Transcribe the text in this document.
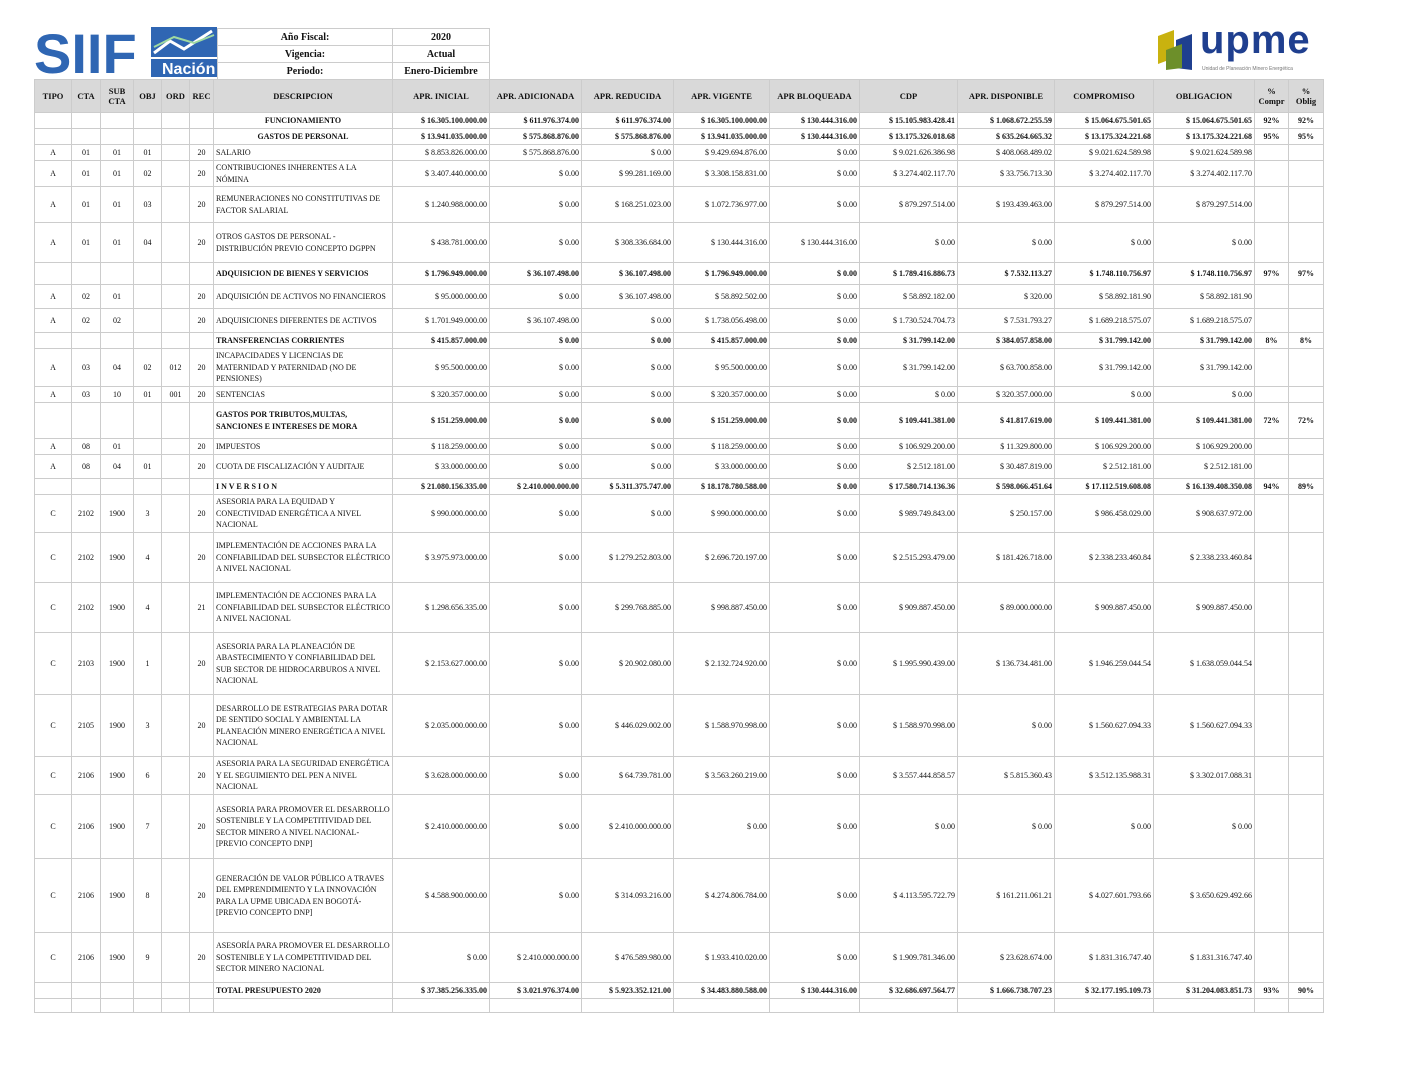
SIIF Nación
Año Fiscal:	2020
Vigencia:	Actual
Periodo:	Enero-Diciembre
upme
Unidad de Planeación Minero Energética
TIPO	CTA	SUB CTA	OBJ	ORD	REC	DESCRIPCION	APR. INICIAL	APR. ADICIONADA	APR. REDUCIDA	APR. VIGENTE	APR BLOQUEADA	CDP	APR. DISPONIBLE	COMPROMISO	OBLIGACION	% Compr	% Oblig
						FUNCIONAMIENTO	$ 16.305.100.000.00	$ 611.976.374.00	$ 611.976.374.00	$ 16.305.100.000.00	$ 130.444.316.00	$ 15.105.983.428.41	$ 1.068.672.255.59	$ 15.064.675.501.65	$ 15.064.675.501.65	92%	92%
						GASTOS DE PERSONAL	$ 13.941.035.000.00	$ 575.868.876.00	$ 575.868.876.00	$ 13.941.035.000.00	$ 130.444.316.00	$ 13.175.326.018.68	$ 635.264.665.32	$ 13.175.324.221.68	$ 13.175.324.221.68	95%	95%
A	01	01	01		20	SALARIO	$ 8.853.826.000.00	$ 575.868.876.00	$ 0.00	$ 9.429.694.876.00	$ 0.00	$ 9.021.626.386.98	$ 408.068.489.02	$ 9.021.624.589.98	$ 9.021.624.589.98		
A	01	01	02		20	CONTRIBUCIONES INHERENTES A LA NÓMINA	$ 3.407.440.000.00	$ 0.00	$ 99.281.169.00	$ 3.308.158.831.00	$ 0.00	$ 3.274.402.117.70	$ 33.756.713.30	$ 3.274.402.117.70	$ 3.274.402.117.70		
A	01	01	03		20	REMUNERACIONES NO CONSTITUTIVAS DE FACTOR SALARIAL	$ 1.240.988.000.00	$ 0.00	$ 168.251.023.00	$ 1.072.736.977.00	$ 0.00	$ 879.297.514.00	$ 193.439.463.00	$ 879.297.514.00	$ 879.297.514.00		
A	01	01	04		20	OTROS GASTOS DE PERSONAL - DISTRIBUCIÓN PREVIO CONCEPTO DGPPN	$ 438.781.000.00	$ 0.00	$ 308.336.684.00	$ 130.444.316.00	$ 130.444.316.00	$ 0.00	$ 0.00	$ 0.00	$ 0.00		
						ADQUISICION DE BIENES Y SERVICIOS	$ 1.796.949.000.00	$ 36.107.498.00	$ 36.107.498.00	$ 1.796.949.000.00	$ 0.00	$ 1.789.416.886.73	$ 7.532.113.27	$ 1.748.110.756.97	$ 1.748.110.756.97	97%	97%
A	02	01			20	ADQUISICIÓN DE ACTIVOS NO FINANCIEROS	$ 95.000.000.00	$ 0.00	$ 36.107.498.00	$ 58.892.502.00	$ 0.00	$ 58.892.182.00	$ 320.00	$ 58.892.181.90	$ 58.892.181.90		
A	02	02			20	ADQUISICIONES DIFERENTES DE ACTIVOS	$ 1.701.949.000.00	$ 36.107.498.00	$ 0.00	$ 1.738.056.498.00	$ 0.00	$ 1.730.524.704.73	$ 7.531.793.27	$ 1.689.218.575.07	$ 1.689.218.575.07		
						TRANSFERENCIAS CORRIENTES	$ 415.857.000.00	$ 0.00	$ 0.00	$ 415.857.000.00	$ 0.00	$ 31.799.142.00	$ 384.057.858.00	$ 31.799.142.00	$ 31.799.142.00	8%	8%
A	03	04	02	012	20	INCAPACIDADES Y LICENCIAS DE MATERNIDAD Y PATERNIDAD (NO DE PENSIONES)	$ 95.500.000.00	$ 0.00	$ 0.00	$ 95.500.000.00	$ 0.00	$ 31.799.142.00	$ 63.700.858.00	$ 31.799.142.00	$ 31.799.142.00		
A	03	10	01	001	20	SENTENCIAS	$ 320.357.000.00	$ 0.00	$ 0.00	$ 320.357.000.00	$ 0.00	$ 0.00	$ 320.357.000.00	$ 0.00	$ 0.00		
						GASTOS POR TRIBUTOS,MULTAS, SANCIONES E INTERESES DE MORA	$ 151.259.000.00	$ 0.00	$ 0.00	$ 151.259.000.00	$ 0.00	$ 109.441.381.00	$ 41.817.619.00	$ 109.441.381.00	$ 109.441.381.00	72%	72%
A	08	01			20	IMPUESTOS	$ 118.259.000.00	$ 0.00	$ 0.00	$ 118.259.000.00	$ 0.00	$ 106.929.200.00	$ 11.329.800.00	$ 106.929.200.00	$ 106.929.200.00		
A	08	04	01		20	CUOTA DE FISCALIZACIÓN Y AUDITAJE	$ 33.000.000.00	$ 0.00	$ 0.00	$ 33.000.000.00	$ 0.00	$ 2.512.181.00	$ 30.487.819.00	$ 2.512.181.00	$ 2.512.181.00		
						I N V E R S I O N	$ 21.080.156.335.00	$ 2.410.000.000.00	$ 5.311.375.747.00	$ 18.178.780.588.00	$ 0.00	$ 17.580.714.136.36	$ 598.066.451.64	$ 17.112.519.608.08	$ 16.139.408.350.08	94%	89%
C	2102	1900	3		20	ASESORIA PARA LA EQUIDAD Y CONECTIVIDAD ENERGÉTICA A NIVEL NACIONAL	$ 990.000.000.00	$ 0.00	$ 0.00	$ 990.000.000.00	$ 0.00	$ 989.749.843.00	$ 250.157.00	$ 986.458.029.00	$ 908.637.972.00		
C	2102	1900	4		20	IMPLEMENTACIÓN DE ACCIONES PARA LA CONFIABILIDAD DEL SUBSECTOR ELÉCTRICO A NIVEL NACIONAL	$ 3.975.973.000.00	$ 0.00	$ 1.279.252.803.00	$ 2.696.720.197.00	$ 0.00	$ 2.515.293.479.00	$ 181.426.718.00	$ 2.338.233.460.84	$ 2.338.233.460.84		
C	2102	1900	4		21	IMPLEMENTACIÓN DE ACCIONES PARA LA CONFIABILIDAD DEL SUBSECTOR ELÉCTRICO A NIVEL NACIONAL	$ 1.298.656.335.00	$ 0.00	$ 299.768.885.00	$ 998.887.450.00	$ 0.00	$ 909.887.450.00	$ 89.000.000.00	$ 909.887.450.00	$ 909.887.450.00		
C	2103	1900	1		20	ASESORIA PARA LA PLANEACIÓN DE ABASTECIMIENTO Y CONFIABILIDAD DEL SUB SECTOR DE HIDROCARBUROS A NIVEL NACIONAL	$ 2.153.627.000.00	$ 0.00	$ 20.902.080.00	$ 2.132.724.920.00	$ 0.00	$ 1.995.990.439.00	$ 136.734.481.00	$ 1.946.259.044.54	$ 1.638.059.044.54		
C	2105	1900	3		20	DESARROLLO DE ESTRATEGIAS PARA DOTAR DE SENTIDO SOCIAL Y AMBIENTAL LA PLANEACIÓN MINERO ENERGÉTICA A NIVEL NACIONAL	$ 2.035.000.000.00	$ 0.00	$ 446.029.002.00	$ 1.588.970.998.00	$ 0.00	$ 1.588.970.998.00	$ 0.00	$ 1.560.627.094.33	$ 1.560.627.094.33		
C	2106	1900	6		20	ASESORIA PARA LA SEGURIDAD ENERGÉTICA Y EL SEGUIMIENTO DEL PEN A NIVEL NACIONAL	$ 3.628.000.000.00	$ 0.00	$ 64.739.781.00	$ 3.563.260.219.00	$ 0.00	$ 3.557.444.858.57	$ 5.815.360.43	$ 3.512.135.988.31	$ 3.302.017.088.31		
C	2106	1900	7		20	ASESORIA PARA PROMOVER EL DESARROLLO SOSTENIBLE Y LA COMPETITIVIDAD DEL SECTOR MINERO A NIVEL NACIONAL-[PREVIO CONCEPTO DNP]	$ 2.410.000.000.00	$ 0.00	$ 2.410.000.000.00	$ 0.00	$ 0.00	$ 0.00	$ 0.00	$ 0.00	$ 0.00		
C	2106	1900	8		20	GENERACIÓN DE VALOR PÚBLICO A TRAVES DEL EMPRENDIMIENTO Y LA INNOVACIÓN PARA LA UPME UBICADA EN BOGOTÁ-[PREVIO CONCEPTO DNP]	$ 4.588.900.000.00	$ 0.00	$ 314.093.216.00	$ 4.274.806.784.00	$ 0.00	$ 4.113.595.722.79	$ 161.211.061.21	$ 4.027.601.793.66	$ 3.650.629.492.66		
C	2106	1900	9		20	ASESORÍA PARA PROMOVER EL DESARROLLO SOSTENIBLE Y LA COMPETITIVIDAD DEL SECTOR MINERO NACIONAL	$ 0.00	$ 2.410.000.000.00	$ 476.589.980.00	$ 1.933.410.020.00	$ 0.00	$ 1.909.781.346.00	$ 23.628.674.00	$ 1.831.316.747.40	$ 1.831.316.747.40		
						TOTAL PRESUPUESTO 2020	$ 37.385.256.335.00	$ 3.021.976.374.00	$ 5.923.352.121.00	$ 34.483.880.588.00	$ 130.444.316.00	$ 32.686.697.564.77	$ 1.666.738.707.23	$ 32.177.195.109.73	$ 31.204.083.851.73	93%	90%
